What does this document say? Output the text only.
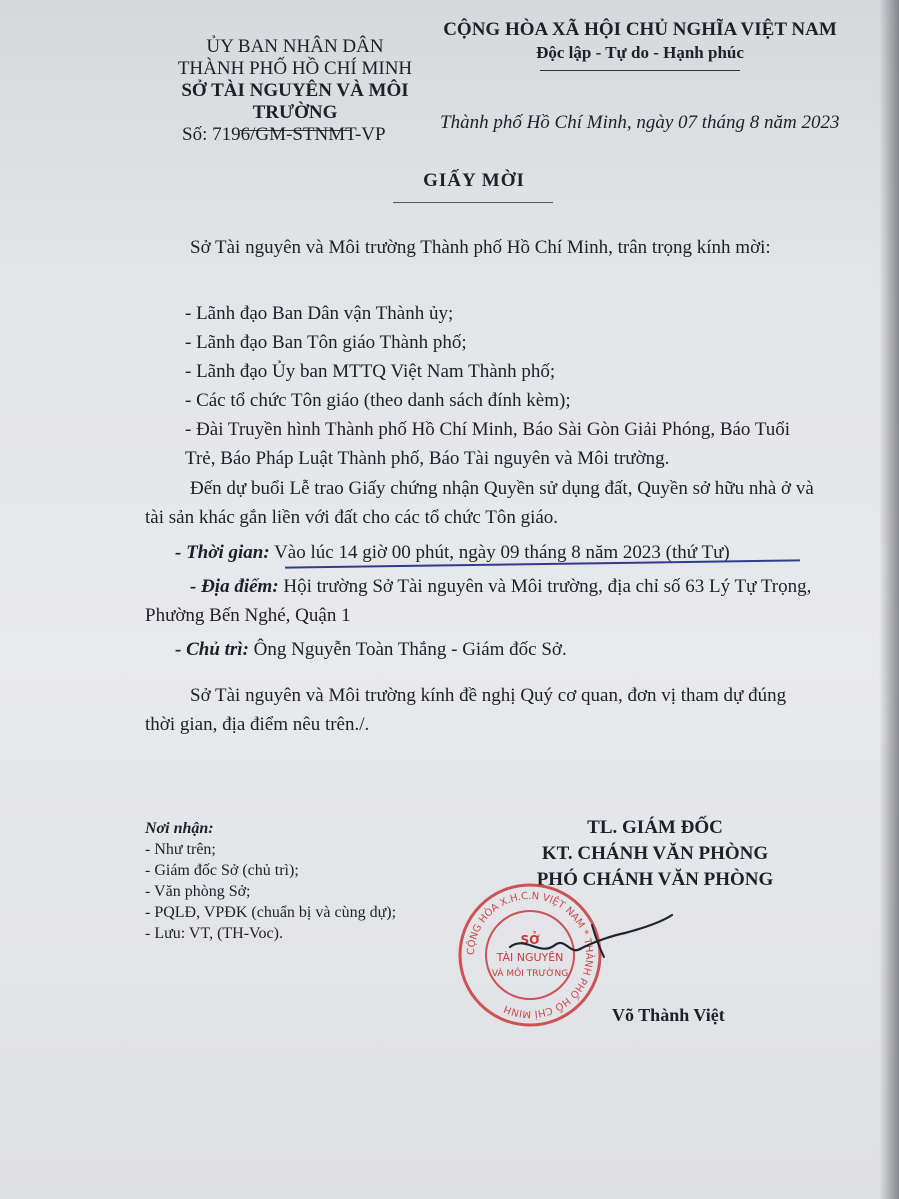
ỦY BAN NHÂN DÂN
THÀNH PHỐ HỒ CHÍ MINH
SỞ TÀI NGUYÊN VÀ MÔI TRƯỜNG
CỘNG HÒA XÃ HỘI CHỦ NGHĨA VIỆT NAM
Độc lập - Tự do - Hạnh phúc
Số: 7196/GM-STNMT-VP
Thành phố Hồ Chí Minh, ngày 07 tháng 8 năm 2023
GIẤY MỜI

Sở Tài nguyên và Môi trường Thành phố Hồ Chí Minh, trân trọng kính mời:

- Lãnh đạo Ban Dân vận Thành ủy;

- Lãnh đạo Ban Tôn giáo Thành phố;

- Lãnh đạo Ủy ban MTTQ Việt Nam Thành phố;

- Các tổ chức Tôn giáo (theo danh sách đính kèm);

- Đài Truyền hình Thành phố Hồ Chí Minh, Báo Sài Gòn Giải Phóng, Báo Tuổi Trẻ, Báo Pháp Luật Thành phố, Báo Tài nguyên và Môi trường.

Đến dự buổi Lễ trao Giấy chứng nhận Quyền sử dụng đất, Quyền sở hữu nhà ở và tài sản khác gắn liền với đất cho các tổ chức Tôn giáo.

- Thời gian: Vào lúc 14 giờ 00 phút, ngày 09 tháng 8 năm 2023 (thứ Tư)

- Địa điểm: Hội trường Sở Tài nguyên và Môi trường, địa chỉ số 63 Lý Tự Trọng, Phường Bến Nghé, Quận 1

- Chủ trì: Ông Nguyễn Toàn Thắng - Giám đốc Sở.

Sở Tài nguyên và Môi trường kính đề nghị Quý cơ quan, đơn vị tham dự đúng thời gian, địa điểm nêu trên./.

Nơi nhận:
- Như trên;
- Giám đốc Sở (chủ trì);
- Văn phòng Sở;
- PQLĐ, VPĐK (chuẩn bị và cùng dự);
- Lưu: VT, (TH-Voc).
TL. GIÁM ĐỐC
KT. CHÁNH VĂN PHÒNG
PHÓ CHÁNH VĂN PHÒNG
CỘNG HÒA X.H.C.N VIỆT NAM * THÀNH PHỐ HỒ CHÍ MINH
SỞ
TÀI NGUYÊN
VÀ MÔI TRƯỜNG
Võ Thành Việt
